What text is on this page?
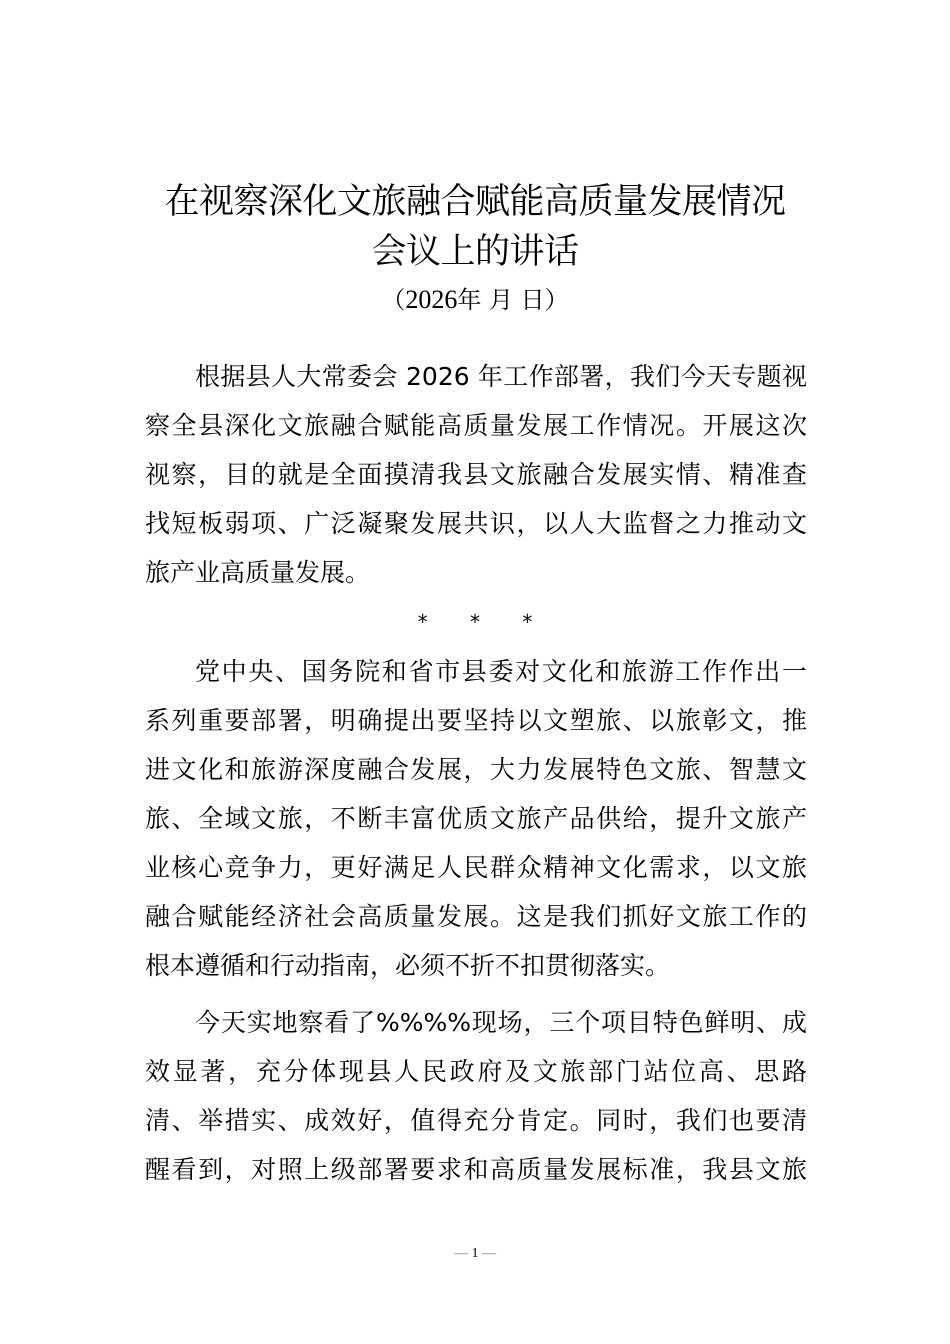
在视察深化文旅融合赋能高质量发展情况
会议上的讲话
（2026年 月 日）
根据县人大常委会 2026 年工作部署，我们今天专题视
察全县深化文旅融合赋能高质量发展工作情况。开展这次
视察，目的就是全面摸清我县文旅融合发展实情、精准查
找短板弱项、广泛凝聚发展共识，以人大监督之力推动文
旅产业高质量发展。
* * *
党中央、国务院和省市县委对文化和旅游工作作出一
系列重要部署，明确提出要坚持以文塑旅、以旅彰文，推
进文化和旅游深度融合发展，大力发展特色文旅、智慧文
旅、全域文旅，不断丰富优质文旅产品供给，提升文旅产
业核心竞争力，更好满足人民群众精神文化需求，以文旅
融合赋能经济社会高质量发展。这是我们抓好文旅工作的
根本遵循和行动指南，必须不折不扣贯彻落实。
今天实地察看了%%%%现场，三个项目特色鲜明、成
效显著，充分体现县人民政府及文旅部门站位高、思路
清、举措实、成效好，值得充分肯定。同时，我们也要清
醒看到，对照上级部署要求和高质量发展标准，我县文旅
— 1 —
